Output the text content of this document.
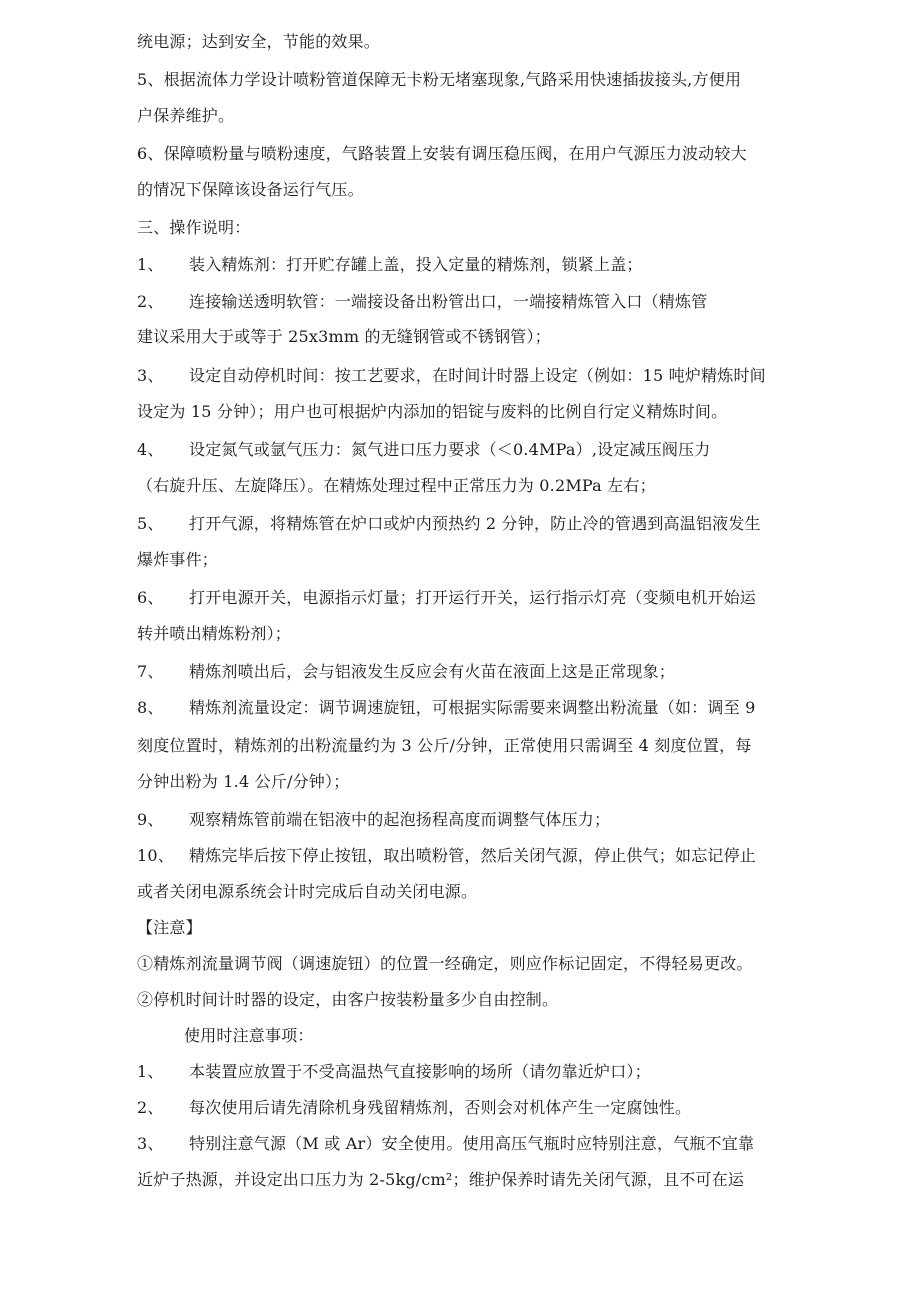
统电源；达到安全，节能的效果。
5、根据流体力学设计喷粉管道保障无卡粉无堵塞现象,气路采用快速插拔接头,方便用
户保养维护。
6、保障喷粉量与喷粉速度，气路装置上安装有调压稳压阀，在用户气源压力波动较大
的情况下保障该设备运行气压。
三、操作说明：
1、 装入精炼剂：打开贮存罐上盖，投入定量的精炼剂，锁紧上盖；
2、 连接输送透明软管：一端接设备出粉管出口，一端接精炼管入口（精炼管
建议采用大于或等于 25x3mm 的无缝钢管或不锈钢管）；
3、 设定自动停机时间：按工艺要求，在时间计时器上设定（例如：15 吨炉精炼时间
设定为 15 分钟）；用户也可根据炉内添加的铝锭与废料的比例自行定义精炼时间。
4、 设定氮气或氩气压力：氮气进口压力要求（＜0.4MPa）,设定减压阀压力
（右旋升压、左旋降压）。在精炼处理过程中正常压力为 0.2MPa 左右；
5、 打开气源，将精炼管在炉口或炉内预热约 2 分钟，防止冷的管遇到高温铝液发生
爆炸事件；
6、 打开电源开关，电源指示灯量；打开运行开关，运行指示灯亮（变频电机开始运
转并喷出精炼粉剂）；
7、 精炼剂喷出后，会与铝液发生反应会有火苗在液面上这是正常现象；
8、 精炼剂流量设定：调节调速旋钮，可根据实际需要来调整出粉流量（如：调至 9
刻度位置时，精炼剂的出粉流量约为 3 公斤/分钟，正常使用只需调至 4 刻度位置，每
分钟出粉为 1.4 公斤/分钟）；
9、 观察精炼管前端在铝液中的起泡扬程高度而调整气体压力；
10、 精炼完毕后按下停止按钮，取出喷粉管，然后关闭气源，停止供气；如忘记停止
或者关闭电源系统会计时完成后自动关闭电源。
【注意】
①精炼剂流量调节阀（调速旋钮）的位置一经确定，则应作标记固定，不得轻易更改。
②停机时间计时器的设定，由客户按装粉量多少自由控制。
使用时注意事项：
1、 本装置应放置于不受高温热气直接影响的场所（请勿靠近炉口）；
2、 每次使用后请先清除机身残留精炼剂，否则会对机体产生一定腐蚀性。
3、 特别注意气源（M 或 Ar）安全使用。使用高压气瓶时应特别注意，气瓶不宜靠
近炉子热源，并设定出口压力为 2-5kg/cm²；维护保养时请先关闭气源，且不可在运
